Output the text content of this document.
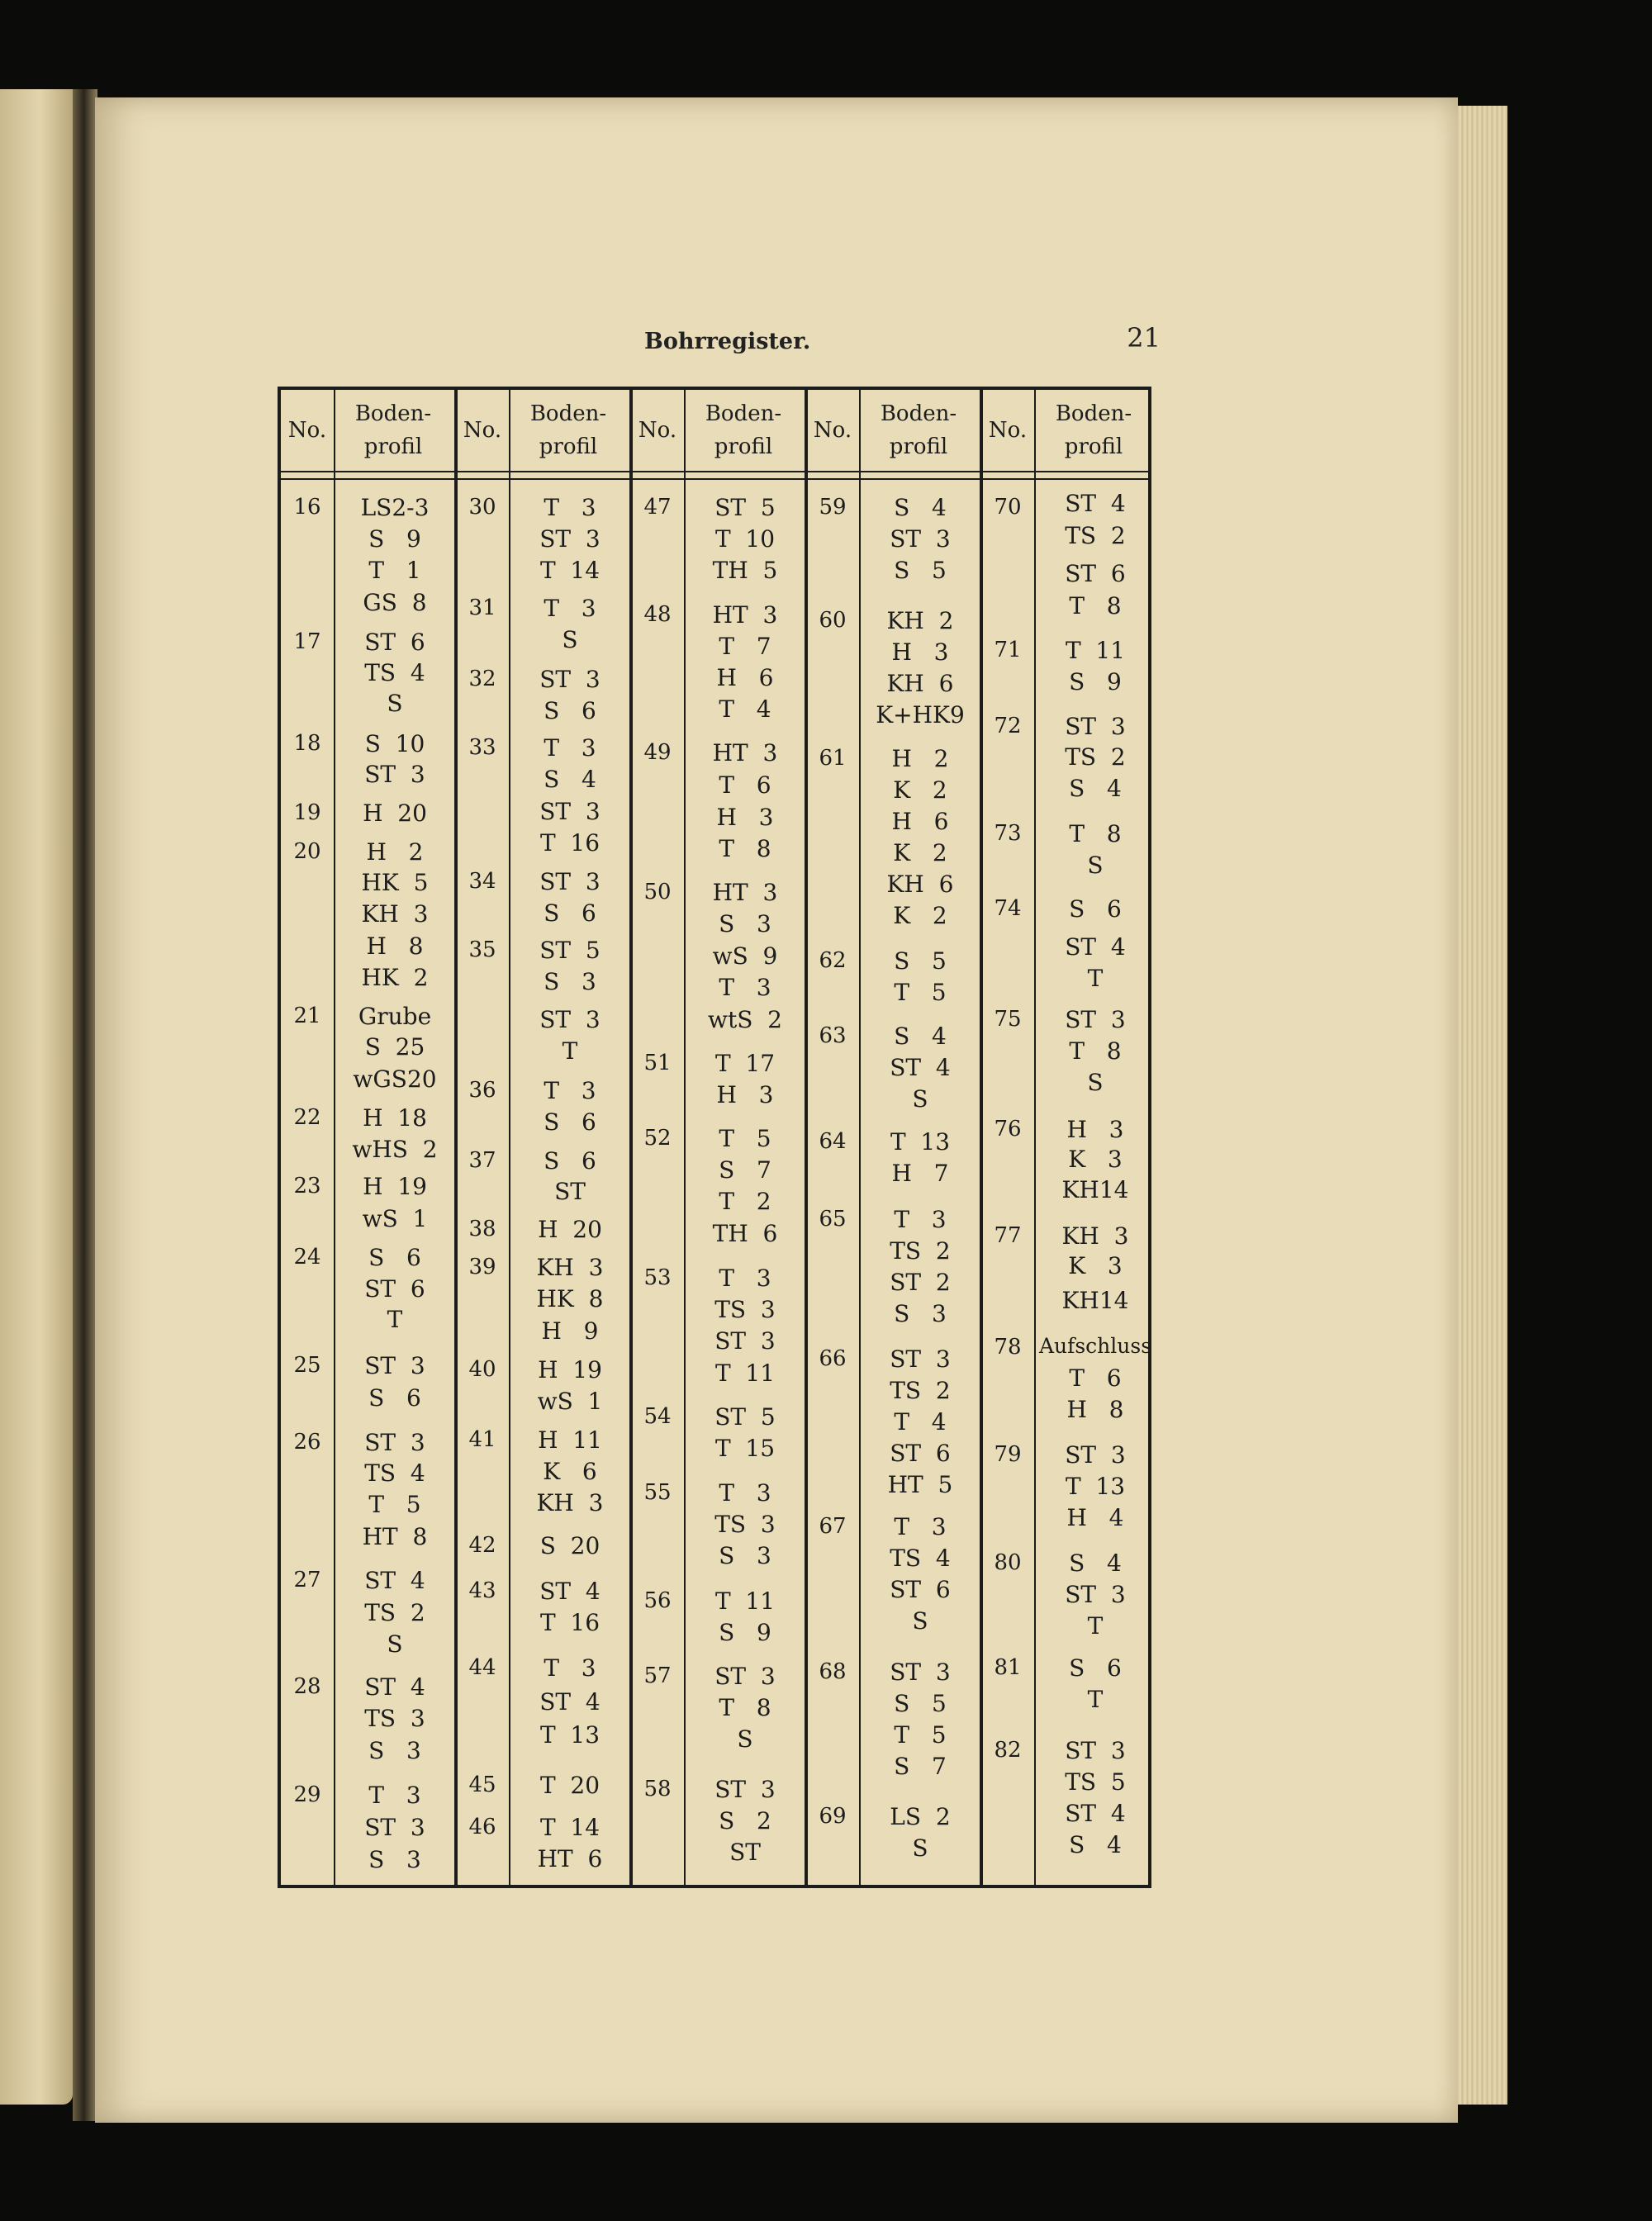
Bohrregister.	21
No.
Boden-
profil
No.
Boden-
profil
No.
Boden-
profil
No.
Boden-
profil
No.
Boden-
profil
16
17
18
19
20
21
22
23
24
25
26
27
28
29
LS2-3
S   9
T   1
GS  8
ST  6
TS  4
S
S  10
ST  3
H  20
H   2
HK  5
KH  3
H   8
HK  2
Grube
S  25
wGS20
H  18
wHS  2
H  19
wS  1
S   6
ST  6
T
ST  3
S   6
ST  3
TS  4
T   5
HT  8
ST  4
TS  2
S
ST  4
TS  3
S   3
T   3
ST  3
S   3
30
31
32
33
34
35
36
37
38
39
40
41
42
43
44
45
46
T   3
ST  3
T  14
T   3
S
ST  3
S   6
T   3
S   4
ST  3
T  16
ST  3
S   6
ST  5
S   3
ST  3
T
T   3
S   6
S   6
ST
H  20
KH  3
HK  8
H   9
H  19
wS  1
H  11
K   6
KH  3
S  20
ST  4
T  16
T   3
ST  4
T  13
T  20
T  14
HT  6
47
48
49
50
51
52
53
54
55
56
57
58
ST  5
T  10
TH  5
HT  3
T   7
H   6
T   4
HT  3
T   6
H   3
T   8
HT  3
S   3
wS  9
T   3
wtS  2
T  17
H   3
T   5
S   7
T   2
TH  6
T   3
TS  3
ST  3
T  11
ST  5
T  15
T   3
TS  3
S   3
T  11
S   9
ST  3
T   8
S
ST  3
S   2
ST
59
60
61
62
63
64
65
66
67
68
69
S   4
ST  3
S   5
KH  2
H   3
KH  6
K+HK9
H   2
K   2
H   6
K   2
KH  6
K   2
S   5
T   5
S   4
ST  4
S
T  13
H   7
T   3
TS  2
ST  2
S   3
ST  3
TS  2
T   4
ST  6
HT  5
T   3
TS  4
ST  6
S
ST  3
S   5
T   5
S   7
LS  2
S
70
71
72
73
74
75
76
77
78
79
80
81
82
ST  4
TS  2
ST  6
T   8
T  11
S   9
ST  3
TS  2
S   4
T   8
S
S   6
ST  4
T
ST  3
T   8
S
H   3
K   3
KH14
KH  3
K   3
KH14
Aufschluss
T   6
H   8
ST  3
T  13
H   4
S   4
ST  3
T
S   6
T
ST  3
TS  5
ST  4
S   4
